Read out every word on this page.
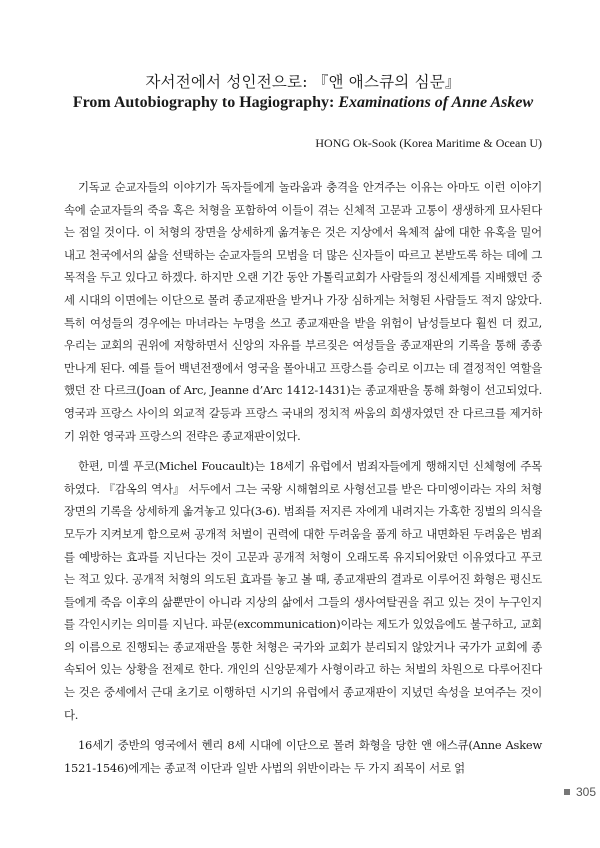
자서전에서 성인전으로: 『앤 애스큐의 심문』
From Autobiography to Hagiography: Examinations of Anne Askew
HONG Ok-Sook (Korea Maritime & Ocean U)

기독교 순교자들의 이야기가 독자들에게 놀라움과 충격을 안겨주는 이유는 아마도 이런 이야기 속에 순교자들의 죽음 혹은 처형을 포함하여 이들이 겪는 신체적 고문과 고통이 생생하게 묘사된다는 점일 것이다. 이 처형의 장면을 상세하게 옮겨놓은 것은 지상에서 육체적 삶에 대한 유혹을 밀어내고 천국에서의 삶을 선택하는 순교자들의 모범을 더 많은 신자들이 따르고 본받도록 하는 데에 그 목적을 두고 있다고 하겠다. 하지만 오랜 기간 동안 가톨릭교회가 사람들의 정신세계를 지배했던 중세 시대의 이면에는 이단으로 몰려 종교재판을 받거나 가장 심하게는 처형된 사람들도 적지 않았다. 특히 여성들의 경우에는 마녀라는 누명을 쓰고 종교재판을 받을 위험이 남성들보다 훨씬 더 컸고, 우리는 교회의 권위에 저항하면서 신앙의 자유를 부르짖은 여성들을 종교재판의 기록을 통해 종종 만나게 된다. 예를 들어 백년전쟁에서 영국을 몰아내고 프랑스를 승리로 이끄는 데 결정적인 역할을 했던 잔 다르크(Joan of Arc, Jeanne d’Arc 1412-1431)는 종교재판을 통해 화형이 선고되었다. 영국과 프랑스 사이의 외교적 갈등과 프랑스 국내의 정치적 싸움의 희생자였던 잔 다르크를 제거하기 위한 영국과 프랑스의 전략은 종교재판이었다.

한편, 미셸 푸코(Michel Foucault)는 18세기 유럽에서 범죄자들에게 행해지던 신체형에 주목하였다. 『감옥의 역사』 서두에서 그는 국왕 시해혐의로 사형선고를 받은 다미엥이라는 자의 처형장면의 기록을 상세하게 옮겨놓고 있다(3-6). 범죄를 저지른 자에게 내려지는 가혹한 징벌의 의식을 모두가 지켜보게 함으로써 공개적 처벌이 권력에 대한 두려움을 품게 하고 내면화된 두려움은 범죄를 예방하는 효과를 지닌다는 것이 고문과 공개적 처형이 오래도록 유지되어왔던 이유였다고 푸코는 적고 있다. 공개적 처형의 의도된 효과를 놓고 볼 때, 종교재판의 결과로 이루어진 화형은 평신도들에게 죽음 이후의 삶뿐만이 아니라 지상의 삶에서 그들의 생사여탈권을 쥐고 있는 것이 누구인지를 각인시키는 의미를 지닌다. 파문(excommunication)이라는 제도가 있었음에도 불구하고, 교회의 이름으로 진행되는 종교재판을 통한 처형은 국가와 교회가 분리되지 않았거나 국가가 교회에 종속되어 있는 상황을 전제로 한다. 개인의 신앙문제가 사형이라고 하는 처벌의 차원으로 다루어진다는 것은 중세에서 근대 초기로 이행하던 시기의 유럽에서 종교재판이 지녔던 속성을 보여주는 것이다.

16세기 중반의 영국에서 헨리 8세 시대에 이단으로 몰려 화형을 당한 앤 애스큐(Anne Askew 1521-1546)에게는 종교적 이단과 일반 사법의 위반이라는 두 가지 죄목이 서로 얽

305
